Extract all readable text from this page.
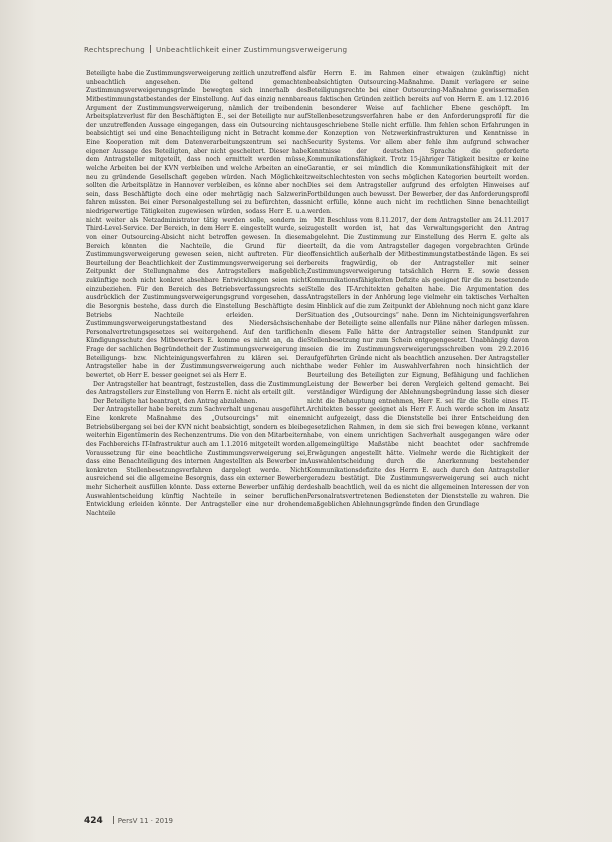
Rechtsprechung Unbeachtlichkeit einer Zustimmungsverweigerung

Beteiligte habe die Zustimmungsverweigerung zeitlich unzutreffend als unbeachtlich angesehen. Die geltend gemachten Zustimmungsverweigerungsgründe bewegten sich innerhalb des Mitbestimmungstatbestandes der Einstellung. Auf das einzig nennbare Argument der Zustimmungsverweigerung, nämlich der treibenden Arbeitsplatzverlust für den Beschäftigten E., sei der Beteiligte nur auf der unzutreffenden Aussage eingegangen, dass ein Outsourcing nicht beabsichtigt sei und eine Benachteiligung nicht in Betracht komme. Eine Kooperation mit dem Datenverarbeitungszentrum sei nach eigener Aussage des Beteiligten, aber nicht gescheitert. Dieser habe dem Antragsteller mitgeteilt, dass noch ermittelt werden müsse, welche Arbeiten bei der KVN verbleiben und welche Arbeiten an eine neu zu gründende Gesellschaft gegeben würden. Nach Möglichkeit sollten die Arbeitsplätze in Hannover verbleiben, es könne aber noch sein, dass Beschäftigte doch eine oder mehrtägig nach Salzwerin fahren müssten. Bei einer Personalgestellung sei zu befürchten, dass niedrigerwertige Tätigkeiten zugewiesen würden, sodass Herr E. u.a. nicht weiter als Netzadministrator tätig werden solle, sondern im Third-Level-Service. Der Bereich, in dem Herr E. eingestellt wurde, sei von einer Outsourcing-Absicht nicht betroffen gewesen. In diesem Bereich könnten die Nachteile, die Grund für die Zustimmungsverweigerung gewesen seien, nicht auftreten. Für die Beurteilung der Beachtlichkeit der Zustimmungsverweigerung sei der Zeitpunkt der Stellungnahme des Antragstellers maßgeblich; zukünftige noch nicht konkret absehbare Entwicklungen seien nicht einzubeziehen. Für den Bereich des Betriebsverfassungsrechts sei ausdrücklich der Zustimmungsverweigerungsgrund vorgesehen, dass die Besorgnis bestehe, dass durch die Einstellung Beschäftigte des Betriebs Nachteile erleiden. Der Zustimmungsverweigerungstatbestand des Niedersächsischen Personalvertretungsgesetzes sei weitergehend. Auf den tariflichen Kündigungsschutz des Mitbewerbers E. komme es nicht an, da die Frage der sachlichen Begründetheit der Zustimmungsverweigerung im Beteiligungs- bzw. Nichteinigungsverfahren zu klären sei. Der Antragsteller habe in der Zustimmungsverweigerung auch nicht bewertet, ob Herr E. besser geeignet sei als Herr E.

Der Antragsteller hat beantragt, festzustellen, dass die Zustimmung des Antragstellers zur Einstellung von Herrn E. nicht als erteilt gilt.

Der Beteiligte hat beantragt, den Antrag abzulehnen.

Der Antragsteller habe bereits zum Sachverhalt ungenau ausgeführt. Eine konkrete Maßnahme des „Outsourcings“ mit einem Betriebsübergang sei bei der KVN nicht beabsichtigt, sondern es bleibe weiterhin Eigentümerin des Rechenzentrums. Die von den Mitarbeitern des Fachbereichs IT-Infrastruktur auch am 1.1.2016 mitgeteilt worden. Voraussetzung für eine beachtliche Zustimmungsverweigerung sei, dass eine Benachteiligung des internen Angestellten als Bewerber im konkreten Stellenbesetzungsverfahren dargelegt werde. Nicht ausreichend sei die allgemeine Besorgnis, dass ein externer Bewerber mehr Sicherheit ausfüllen könnte. Dass externe Bewerber unfähig der Auswahlentscheidung künftig Nachteile in seiner beruflichen Entwicklung erleiden könnte. Der Antragsteller eine nur drohende Nachteile

für Herrn E. im Rahmen einer etwaigen (zukünftig) nicht beabsichtigten Outsourcing-Maßnahme. Damit verlagere er seine Beteiligungsrechte bei einer Outsourcing-Maßnahme gewissermaßen aus faktischen Gründen zeitlich bereits auf von Herrn E. am 1.12.2016 in besonderer Weise auf fachlicher Ebene geschöpft. Im Stellenbesetzungsverfahren habe er den Anforderungsprofil für die ausgeschriebene Stelle nicht erfülle. Ihm fehlen schon Erfahrungen in der Konzeption von Netzwerkinfrastrukturen und Kenntnisse in Security Systems. Vor allem aber fehle ihm aufgrund schwacher Kenntnisse der deutschen Sprache die geforderte Kommunikationsfähigkeit. Trotz 15-jähriger Tätigkeit besitze er keine Garantie, er sei mündlich die Kommunikationsfähigkeit mit der zweitschlechtesten von sechs möglichen Kategorien beurteilt worden. Dies sei dem Antragsteller aufgrund des erfolgten Hinweises auf Fortbildungen auch bewusst. Der Bewerber, der das Anforderungsprofil nicht erfülle, könne auch nicht im rechtlichen Sinne benachteiligt werden.

Mit Beschluss vom 8.11.2017, der dem Antragsteller am 24.11.2017 zugestellt worden ist, hat das Verwaltungsgericht den Antrag abgelehnt. Die Zustimmung zur Einstellung des Herrn E. gelte als erteilt, da die vom Antragsteller dagegen vorgebrachten Gründe offensichtlich außerhalb der Mitbestimmungstatbestände lägen. Es sei bereits fragwürdig, ob der Antragsteller mit seiner Zustimmungsverweigerung tatsächlich Herrn E. sowie dessen Kommunikationsfähigkeiten Defizite als geeignet für die zu besetzende Stelle des IT-Architekten gehalten habe. Die Argumentation des Antragstellers in der Anhörung lege vielmehr ein taktisches Verhalten im Hinblick auf die zum Zeitpunkt der Ablehnung noch nicht ganz klare Situation des „Outsourcings“ nahe. Denn im Nichteinigungsverfahren habe der Beteiligte seine allenfalls nur Pläne näher darlegen müssen. In diesem Falle hätte der Antragsteller seinen Standpunkt zur Stellenbesetzung nur zum Schein entgegengesetzt. Unabhängig davon seien die im Zustimmungsverweigerungsschreiben vom 29.2.2016 aufgeführten Gründe nicht als beachtlich anzusehen. Der Antragsteller habe weder Fehler im Auswahlverfahren noch hinsichtlich der Beurteilung des Beteiligten zur Eignung, Befähigung und fachlichen Leistung der Bewerber bei deren Vergleich geltend gemacht. Bei verständiger Würdigung der Ablehnungsbegründung lasse sich dieser nicht die Behauptung entnehmen, Herr E. sei für die Stelle eines IT-Architekten besser geeignet als Herr F. Auch werde schon im Ansatz nicht aufgezeigt, dass die Dienststelle bei ihrer Entscheidung den gesetzlichen Rahmen, in dem sie sich frei bewegen könne, verkannt habe, von einem unrichtigen Sachverhalt ausgegangen wäre oder allgemeingültige Maßstäbe nicht beachtet oder sachfremde Erwägungen angestellt hätte. Vielmehr werde die Richtigkeit der Auswahlentscheidung durch die Anerkennung bestehender Kommunikationsdefizite des Herrn E. auch durch den Antragsteller geradezu bestätigt. Die Zustimmungsverweigerung sei auch nicht deshalb beachtlich, weil da es nicht die allgemeinen Interessen der von Personalratsvertretenen Bediensteten der Dienststelle zu wahren. Die maßgeblichen Ablehnungsgründe finden den Grundlage

424 PersV 11 · 2019
